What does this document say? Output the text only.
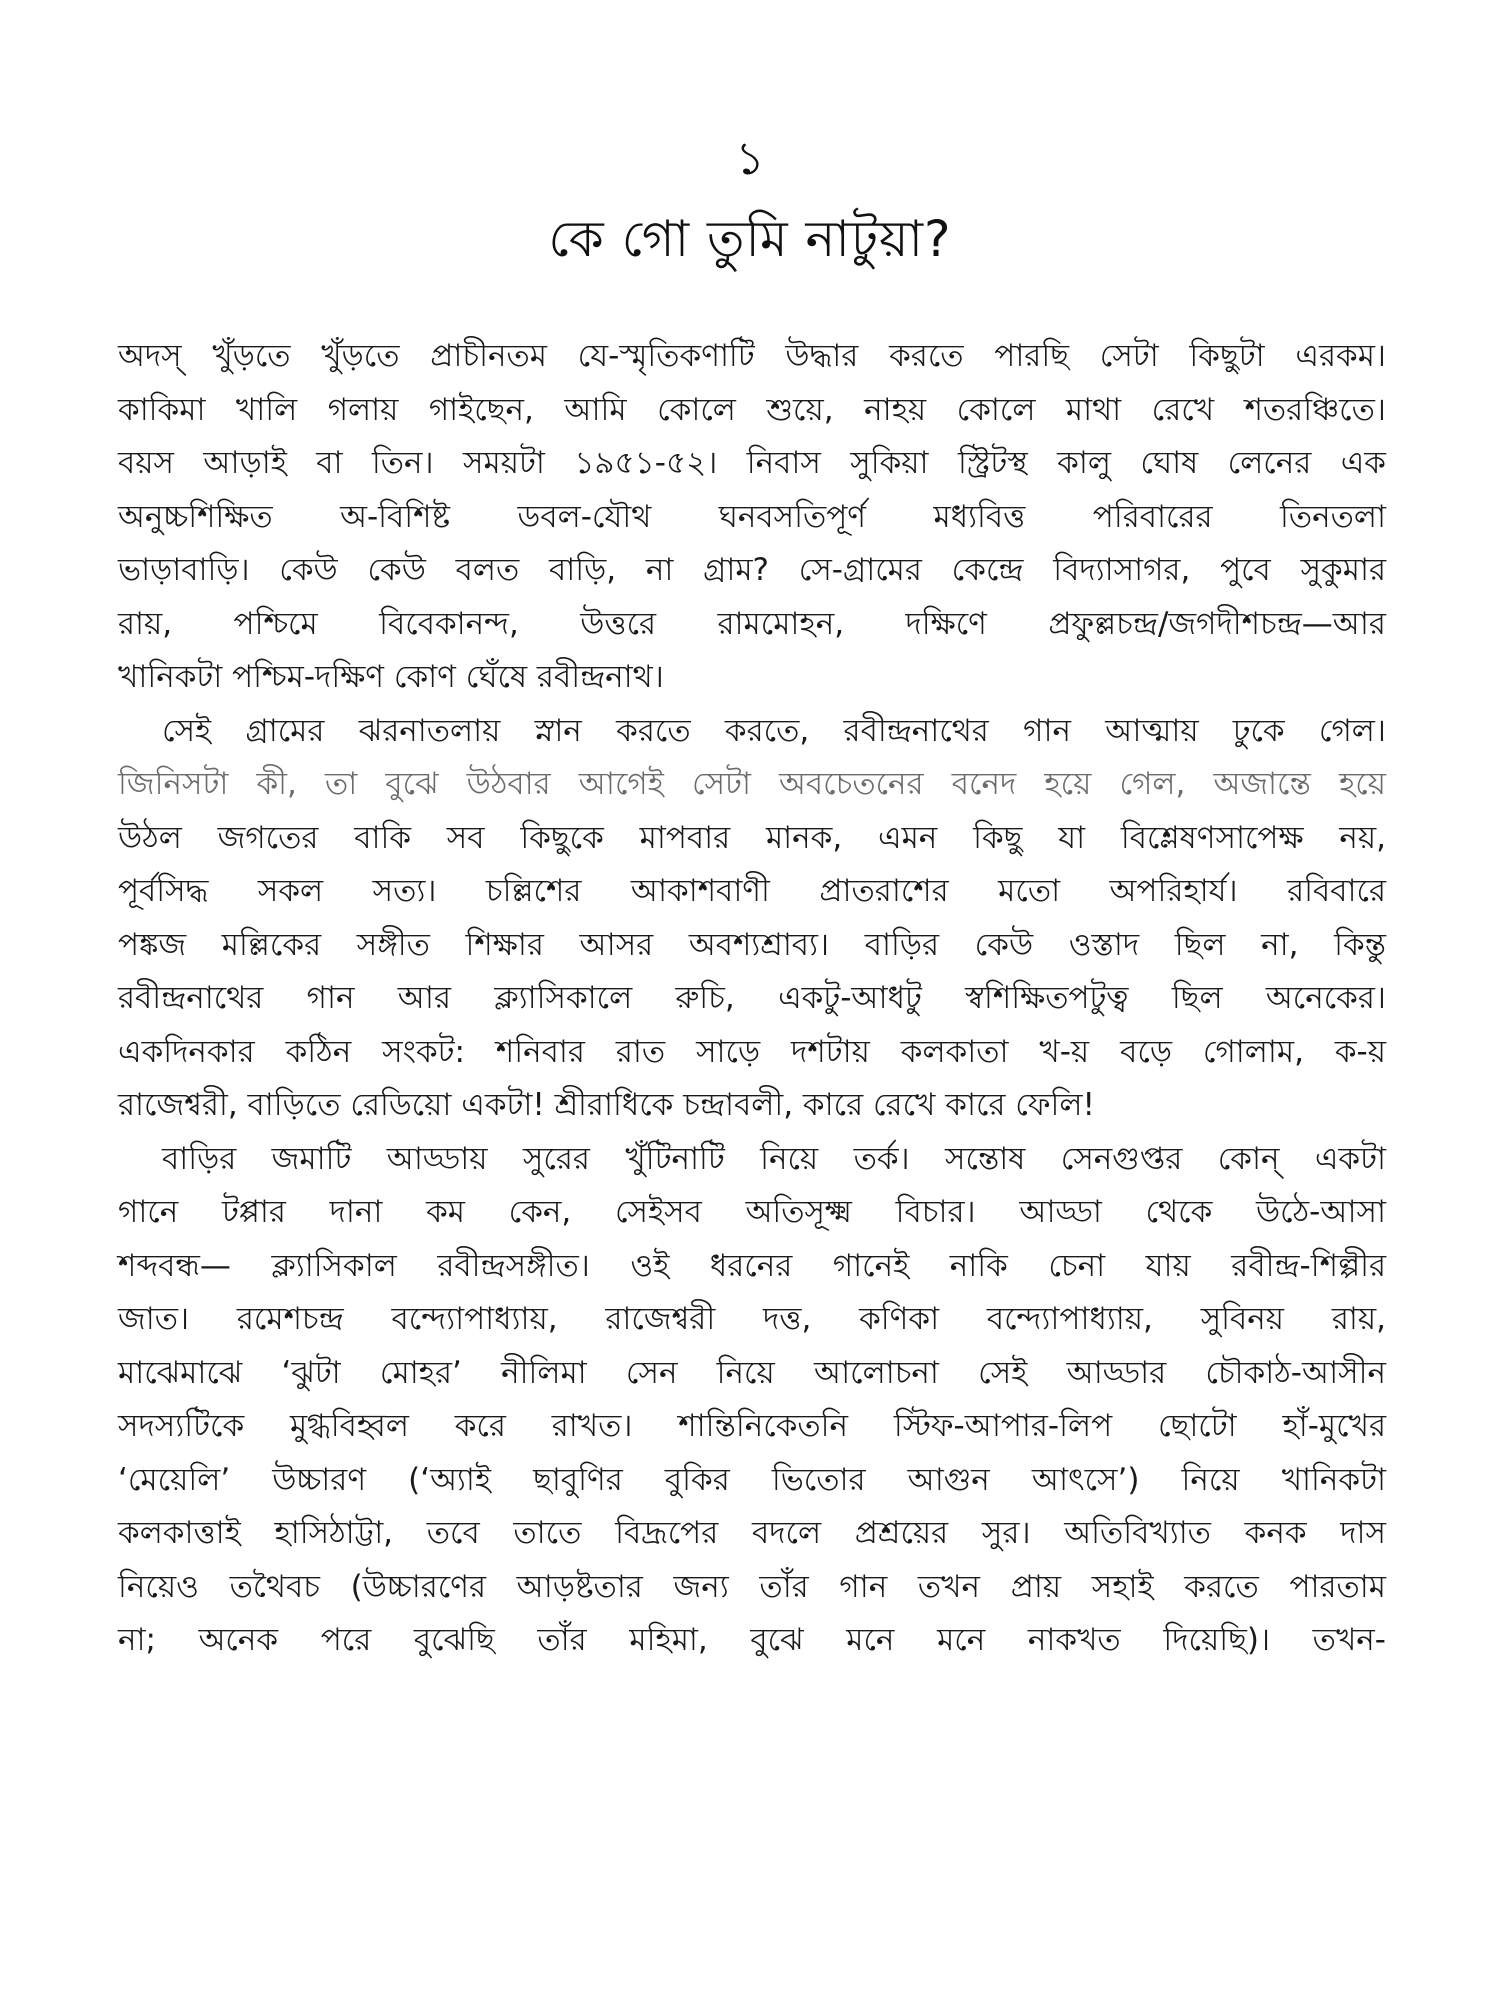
১
কে গো তুমি নাটুয়া?
অদস্ খুঁড়তে খুঁড়তে প্রাচীনতম যে-স্মৃতিকণাটি উদ্ধার করতে পারছি সেটা কিছুটা এরকম।
কাকিমা খালি গলায় গাইছেন, আমি কোলে শুয়ে, নাহয় কোলে মাথা রেখে শতরঞ্চিতে।
বয়স আড়াই বা তিন। সময়টা ১৯৫১-৫২। নিবাস সুকিয়া স্ট্রিটস্থ কালু ঘোষ লেনের এক
অনুচ্চশিক্ষিত অ-বিশিষ্ট ডবল-যৌথ ঘনবসতিপূর্ণ মধ্যবিত্ত পরিবারের তিনতলা
ভাড়াবাড়ি। কেউ কেউ বলত বাড়ি, না গ্রাম? সে-গ্রামের কেন্দ্রে বিদ্যাসাগর, পুবে সুকুমার
রায়, পশ্চিমে বিবেকানন্দ, উত্তরে রামমোহন, দক্ষিণে প্রফুল্লচন্দ্র/জগদীশচন্দ্র—আর
খানিকটা পশ্চিম-দক্ষিণ কোণ ঘেঁষে রবীন্দ্রনাথ।
সেই গ্রামের ঝরনাতলায় স্নান করতে করতে, রবীন্দ্রনাথের গান আত্মায় ঢুকে গেল।
জিনিসটা কী, তা বুঝে উঠবার আগেই সেটা অবচেতনের বনেদ হয়ে গেল, অজান্তে হয়ে
উঠল জগতের বাকি সব কিছুকে মাপবার মানক, এমন কিছু যা বিশ্লেষণসাপেক্ষ নয়,
পূর্বসিদ্ধ সকল সত্য। চল্লিশের আকাশবাণী প্রাতরাশের মতো অপরিহার্য। রবিবারে
পঙ্কজ মল্লিকের সঙ্গীত শিক্ষার আসর অবশ্যশ্রাব্য। বাড়ির কেউ ওস্তাদ ছিল না, কিন্তু
রবীন্দ্রনাথের গান আর ক্ল্যাসিকালে রুচি, একটু-আধটু স্বশিক্ষিতপটুত্ব ছিল অনেকের।
একদিনকার কঠিন সংকট: শনিবার রাত সাড়ে দশটায় কলকাতা খ-য় বড়ে গোলাম, ক-য়
রাজেশ্বরী, বাড়িতে রেডিয়ো একটা! শ্রীরাধিকে চন্দ্রাবলী, কারে রেখে কারে ফেলি!
বাড়ির জমাটি আড্ডায় সুরের খুঁটিনাটি নিয়ে তর্ক। সন্তোষ সেনগুপ্তর কোন্ একটা
গানে টপ্পার দানা কম কেন, সেইসব অতিসূক্ষ্ম বিচার। আড্ডা থেকে উঠে-আসা
শব্দবন্ধ— ক্ল্যাসিকাল রবীন্দ্রসঙ্গীত। ওই ধরনের গানেই নাকি চেনা যায় রবীন্দ্র-শিল্পীর
জাত। রমেশচন্দ্র বন্দ্যোপাধ্যায়, রাজেশ্বরী দত্ত, কণিকা বন্দ্যোপাধ্যায়, সুবিনয় রায়,
মাঝেমাঝে ‘ঝুটা মোহর’ নীলিমা সেন নিয়ে আলোচনা সেই আড্ডার চৌকাঠ-আসীন
সদস্যটিকে মুগ্ধবিহ্বল করে রাখত। শান্তিনিকেতনি স্টিফ-আপার-লিপ ছোটো হাঁ-মুখের
‘মেয়েলি’ উচ্চারণ (‘অ্যাই ছাবুণির বুকির ভিতোর আগুন আৎসে’) নিয়ে খানিকটা
কলকাত্তাই হাসিঠাট্টা, তবে তাতে বিদ্রূপের বদলে প্রশ্রয়ের সুর। অতিবিখ্যাত কনক দাস
নিয়েও তথৈবচ (উচ্চারণের আড়ষ্টতার জন্য তাঁর গান তখন প্রায় সহাই করতে পারতাম
না; অনেক পরে বুঝেছি তাঁর মহিমা, বুঝে মনে মনে নাকখত দিয়েছি)। তখন-
